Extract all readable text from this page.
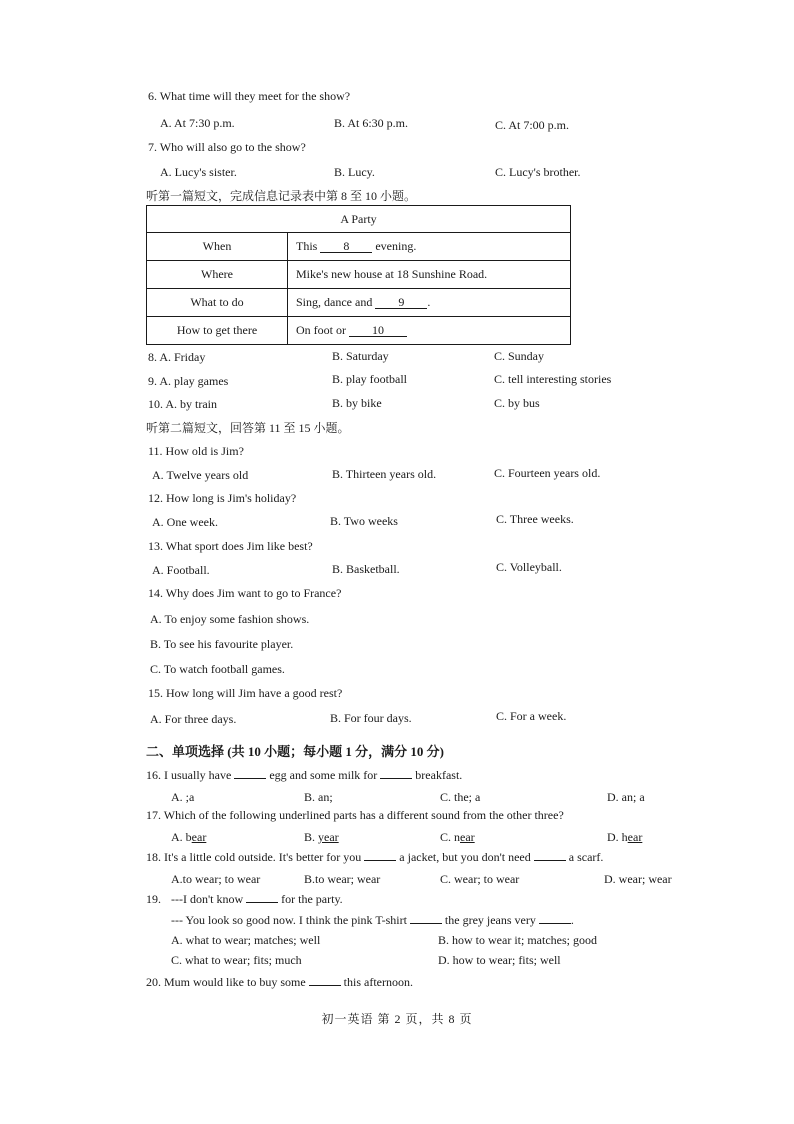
6. What time will they meet for the show?
A. At 7:30 p.m.	B. At 6:30 p.m.	C. At 7:00 p.m.
7. Who will also go to the show?
A. Lucy's sister.	B. Lucy.	C. Lucy's brother.
听第一篇短文，完成信息记录表中第 8 至 10 小题。
A Party	
When	This 8 evening.
Where	Mike's new house at 18 Sunshine Road.
What to do	Sing, dance and 9 .
How to get there	On foot or 10
8. A. Friday	B. Saturday	C. Sunday
9. A. play games	B. play football	C. tell interesting stories
10. A. by train	B. by bike	C. by bus
听第二篇短文，回答第 11 至 15 小题。
11. How old is Jim?
A. Twelve years old	B. Thirteen years old.	C. Fourteen years old.
12. How long is Jim's holiday?
A. One week.	B. Two weeks	C. Three weeks.
13. What sport does Jim like best?
A. Football.	B. Basketball.	C. Volleyball.
14. Why does Jim want to go to France?
A. To enjoy some fashion shows.
B. To see his favourite player.
C. To watch football games.
15. How long will Jim have a good rest?
A. For three days.	B. For four days.	C. For a week.
二、单项选择 (共 10 小题；每小题 1 分，满分 10 分)
16. I usually have	egg and some milk for	breakfast.
A. ;a	B. an;	C. the; a	D. an; a
17. Which of the following underlined parts has a different sound from the other three?
A. bear	B. year	C. near	D. hear
18. It's a little cold outside. It's better for you	a jacket, but you don't need	a scarf.
A.to wear; to wear	B.to wear; wear	C. wear; to wear	D. wear; wear
19. ---I don't know	for the party.
--- You look so good now. I think the pink T-shirt	the grey jeans very	.
A. what to wear; matches; well	B. how to wear it; matches; good
C. what to wear; fits; much	D. how to wear; fits; well
20. Mum would like to buy some	this afternoon.
初一英语 第 2 页，共 8 页
